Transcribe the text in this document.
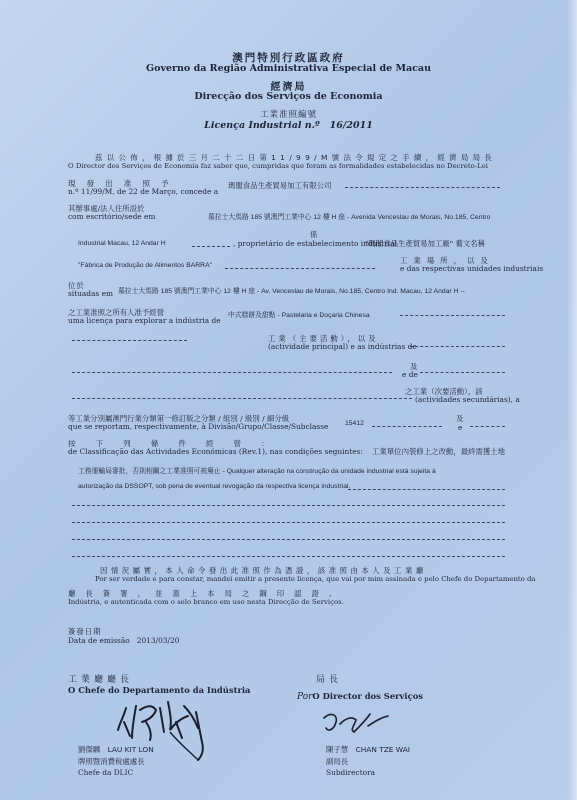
澳門特別行政區政府
Governo da Região Administrativa Especial de Macau
經濟局
Direcção dos Serviços de Economia
工業准照編號
Licença Industrial n.º 16/2011
茲 以 公 佈 ， 根 據 於 三 月 二 十 二 日 第 1 1 / 9 9 / M 號 法 令 規 定 之 手 續 ， 經 濟 局 局 長
O Director dos Serviços de Economia faz saber que, cumpridas que foram as formalidades estabelecidas no Decreto-Lei
現發出准照予
n.º 11/99/M, de 22 de Março, concede a
瑪閣食品生產貿易加工有限公司
其辦事處/法人住所設於
com escritório/sede em	慕拉士大馬路 185 號澳門工業中心 12 樓 H 座 - Avenida Venceslau de Morais, No.185, Centro
Industrial Macau, 12 Andar H
係
, proprietário de estabelecimento industrial
"瑪閣食品生產貿易加工廠" 葡文名稱
"Fábrica de Produção de Alimentos BARRA"
工業場所，以及
e das respectivas unidades industriais
位於
situadas em 慕拉士大馬路 185 號澳門工業中心 12 樓 H 座 - Av. Venceslau de Morais, No.185, Centro Ind. Macau, 12 Andar H --
之工業准照之所有人准予經營
uma licença para explorar a indústria de
中式糕餅及甜點 - Pastelaria e Doçaria Chinesa
工業（主要活動），以及
(actividade principal) e as indústrias de
及
e de
之工業（次要活動），該
(actividades secundárias), a
等工業分別屬澳門行業分類第一修訂版之分類 / 組別 / 級別 / 細分級
que se reportam, respectivamente, à Divisão/Grupo/Classe/Subclasse 15412
及
e
按下列條件經營：
de Classificação das Actividades Económicas (Rev.1), nas condições seguintes: 工業單位內裝修上之改動，最終需獲土地
工務運輸局審批，否則相關之工業准照可被廢止 - Qualquer alteração na construção da unidade industrial está sujeita à
autorização da DSSOPT, sob pena de eventual revogação da respectiva licença industrial.
因情況屬實，本人命令發出此准照作為憑證，該准照由本人及工業廳
Por ser verdade e para constar, mandei emitir a presente licença, que vai por mim assinada e pelo Chefe do Departamento da
廳長簽署，並蓋上本局之鋼印認證。
Indústria, e autenticada com o selo branco em uso nesta Direcção de Serviços.
簽發日期
Data de emissão 2013/03/20
工業廳廳長
O Chefe do Departamento da Indústria
劉傑麟　LAU KIT LON
牌照暨消費稅處處長
Chefe da DLIC
局長
PorO Director dos Serviços
陳子慧　CHAN TZE WAI
副局長
Subdirectora
